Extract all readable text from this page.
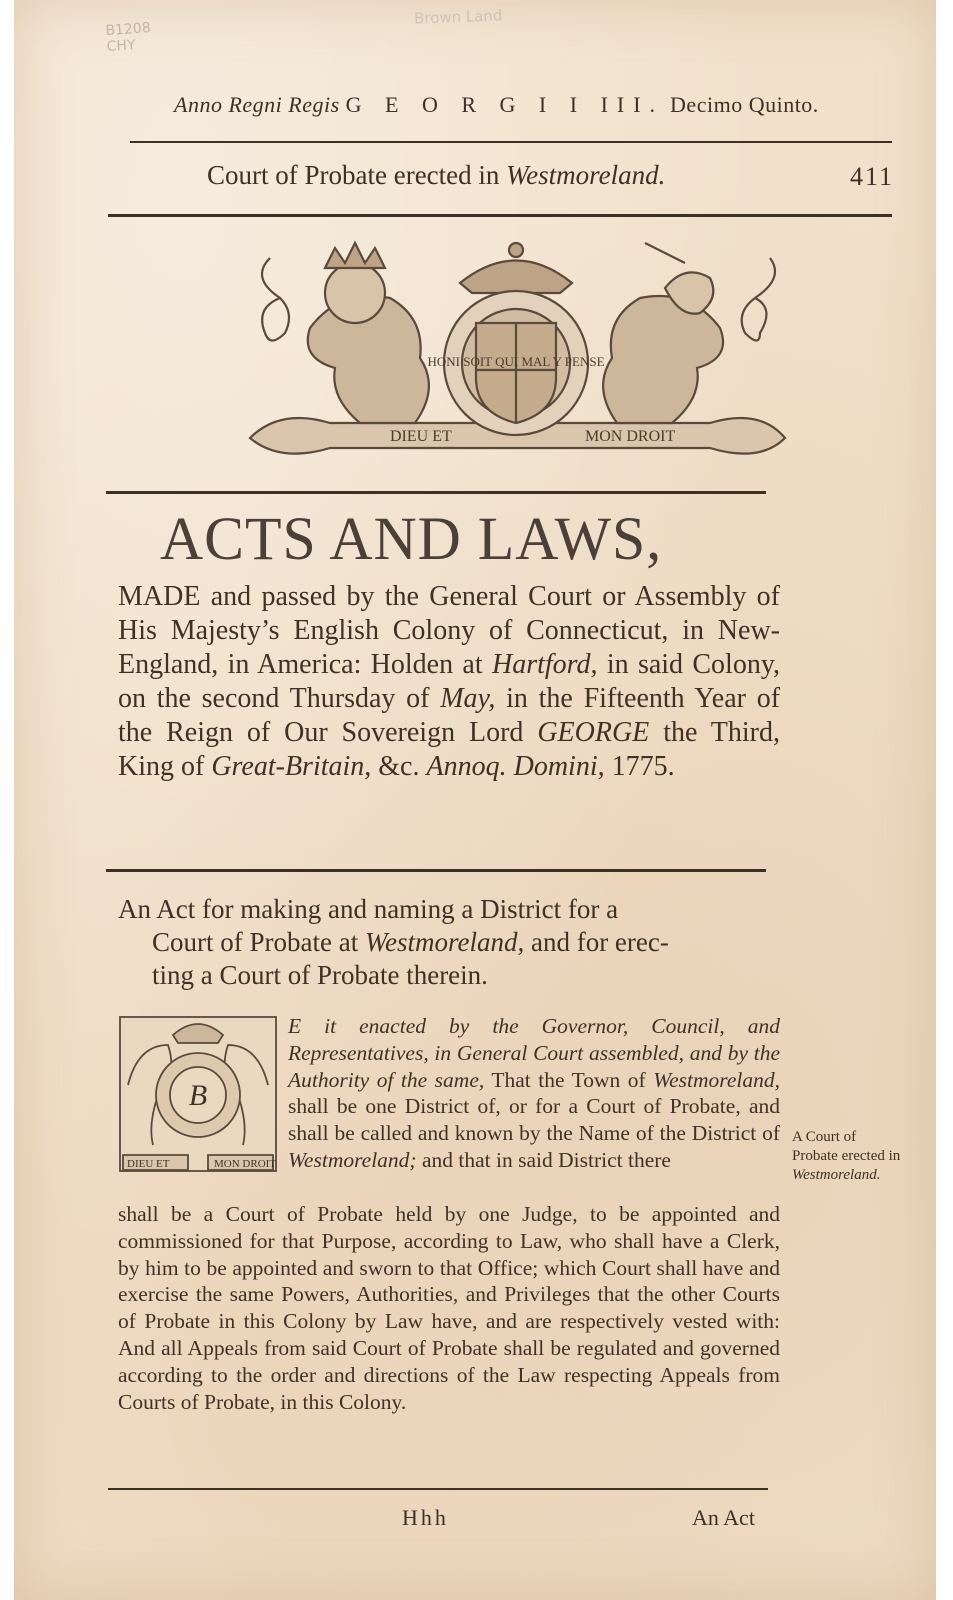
B1208
CHY
Brown Land
Anno Regni Regis G E O R G I I III. Decimo Quinto.
Court of Probate erected in Westmoreland.	411
HONI SOIT QUI MAL Y PENSE
DIEU ET	MON DROIT
ACTS AND LAWS,

MADE and passed by the General Court or Assembly of His Majesty’s English Colony of Connecticut, in New-England, in America: Holden at Hartford, in said Colony, on the second Thursday of May, in the Fifteenth Year of the Reign of Our Sovereign Lord GEORGE the Third, King of Great-Britain, &c. Annoq. Domini, 1775.

An Act for making and naming a District for a
Court of Probate at Westmoreland, and for erec-
ting a Court of Probate therein.
B
DIEU ET	MON DROIT
E it enacted by the Governor, Council, and Representatives, in General Court assembled, and by the Authority of the same, That the Town of Westmoreland, shall be one District of, or for a Court of Probate, and shall be called and known by the Name of the District of Westmoreland; and that in said District there
shall be a Court of Probate held by one Judge, to be appointed and commissioned for that Purpose, according to Law, who shall have a Clerk, by him to be appointed and sworn to that Office; which Court shall have and exercise the same Powers, Authorities, and Privileges that the other Courts of Probate in this Colony by Law have, and are respectively vested with: And all Appeals from said Court of Probate shall be regulated and governed according to the order and directions of the Law respecting Appeals from Courts of Probate, in this Colony.
A Court of Probate erected in Westmoreland.
Hhh	An Act
